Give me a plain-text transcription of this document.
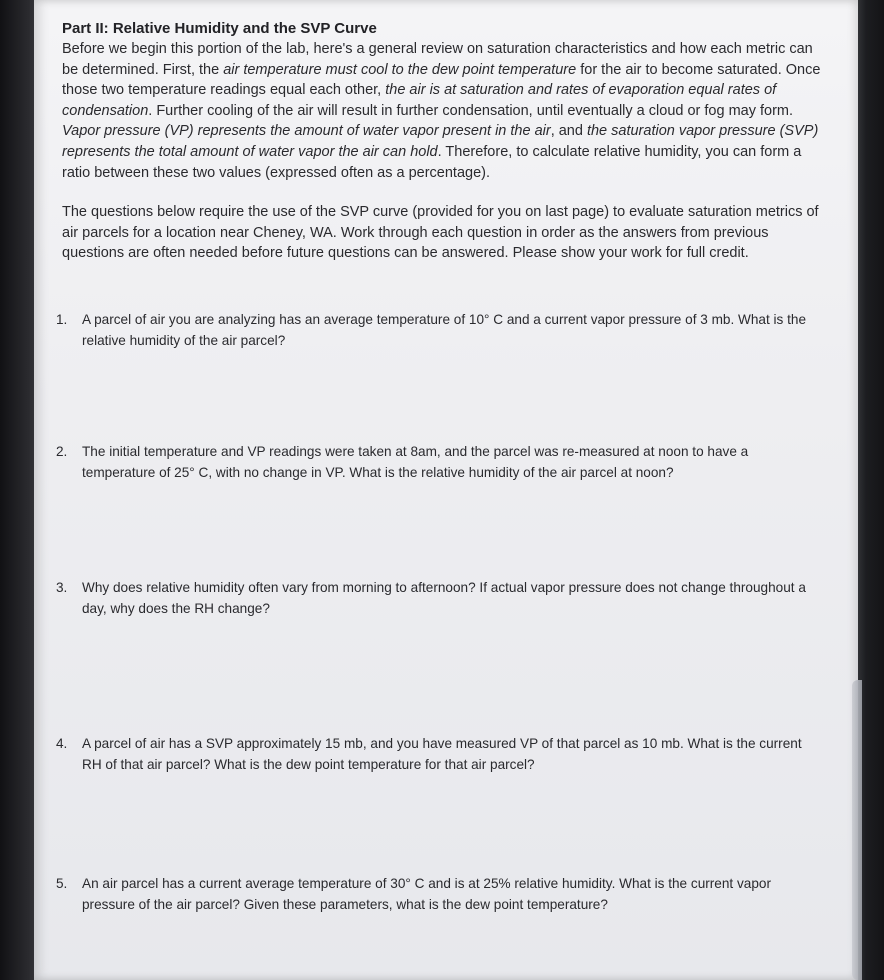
Part II: Relative Humidity and the SVP Curve

Before we begin this portion of the lab, here's a general review on saturation characteristics and how each metric can be determined. First, the air temperature must cool to the dew point temperature for the air to become saturated. Once those two temperature readings equal each other, the air is at saturation and rates of evaporation equal rates of condensation. Further cooling of the air will result in further condensation, until eventually a cloud or fog may form. Vapor pressure (VP) represents the amount of water vapor present in the air, and the saturation vapor pressure (SVP) represents the total amount of water vapor the air can hold. Therefore, to calculate relative humidity, you can form a ratio between these two values (expressed often as a percentage).

The questions below require the use of the SVP curve (provided for you on last page) to evaluate saturation metrics of air parcels for a location near Cheney, WA. Work through each question in order as the answers from previous questions are often needed before future questions can be answered. Please show your work for full credit.

1. A parcel of air you are analyzing has an average temperature of 10° C and a current vapor pressure of 3 mb. What is the relative humidity of the air parcel?
2. The initial temperature and VP readings were taken at 8am, and the parcel was re-measured at noon to have a temperature of 25° C, with no change in VP. What is the relative humidity of the air parcel at noon?
3. Why does relative humidity often vary from morning to afternoon? If actual vapor pressure does not change throughout a day, why does the RH change?
4. A parcel of air has a SVP approximately 15 mb, and you have measured VP of that parcel as 10 mb. What is the current RH of that air parcel? What is the dew point temperature for that air parcel?
5. An air parcel has a current average temperature of 30° C and is at 25% relative humidity. What is the current vapor pressure of the air parcel? Given these parameters, what is the dew point temperature?
